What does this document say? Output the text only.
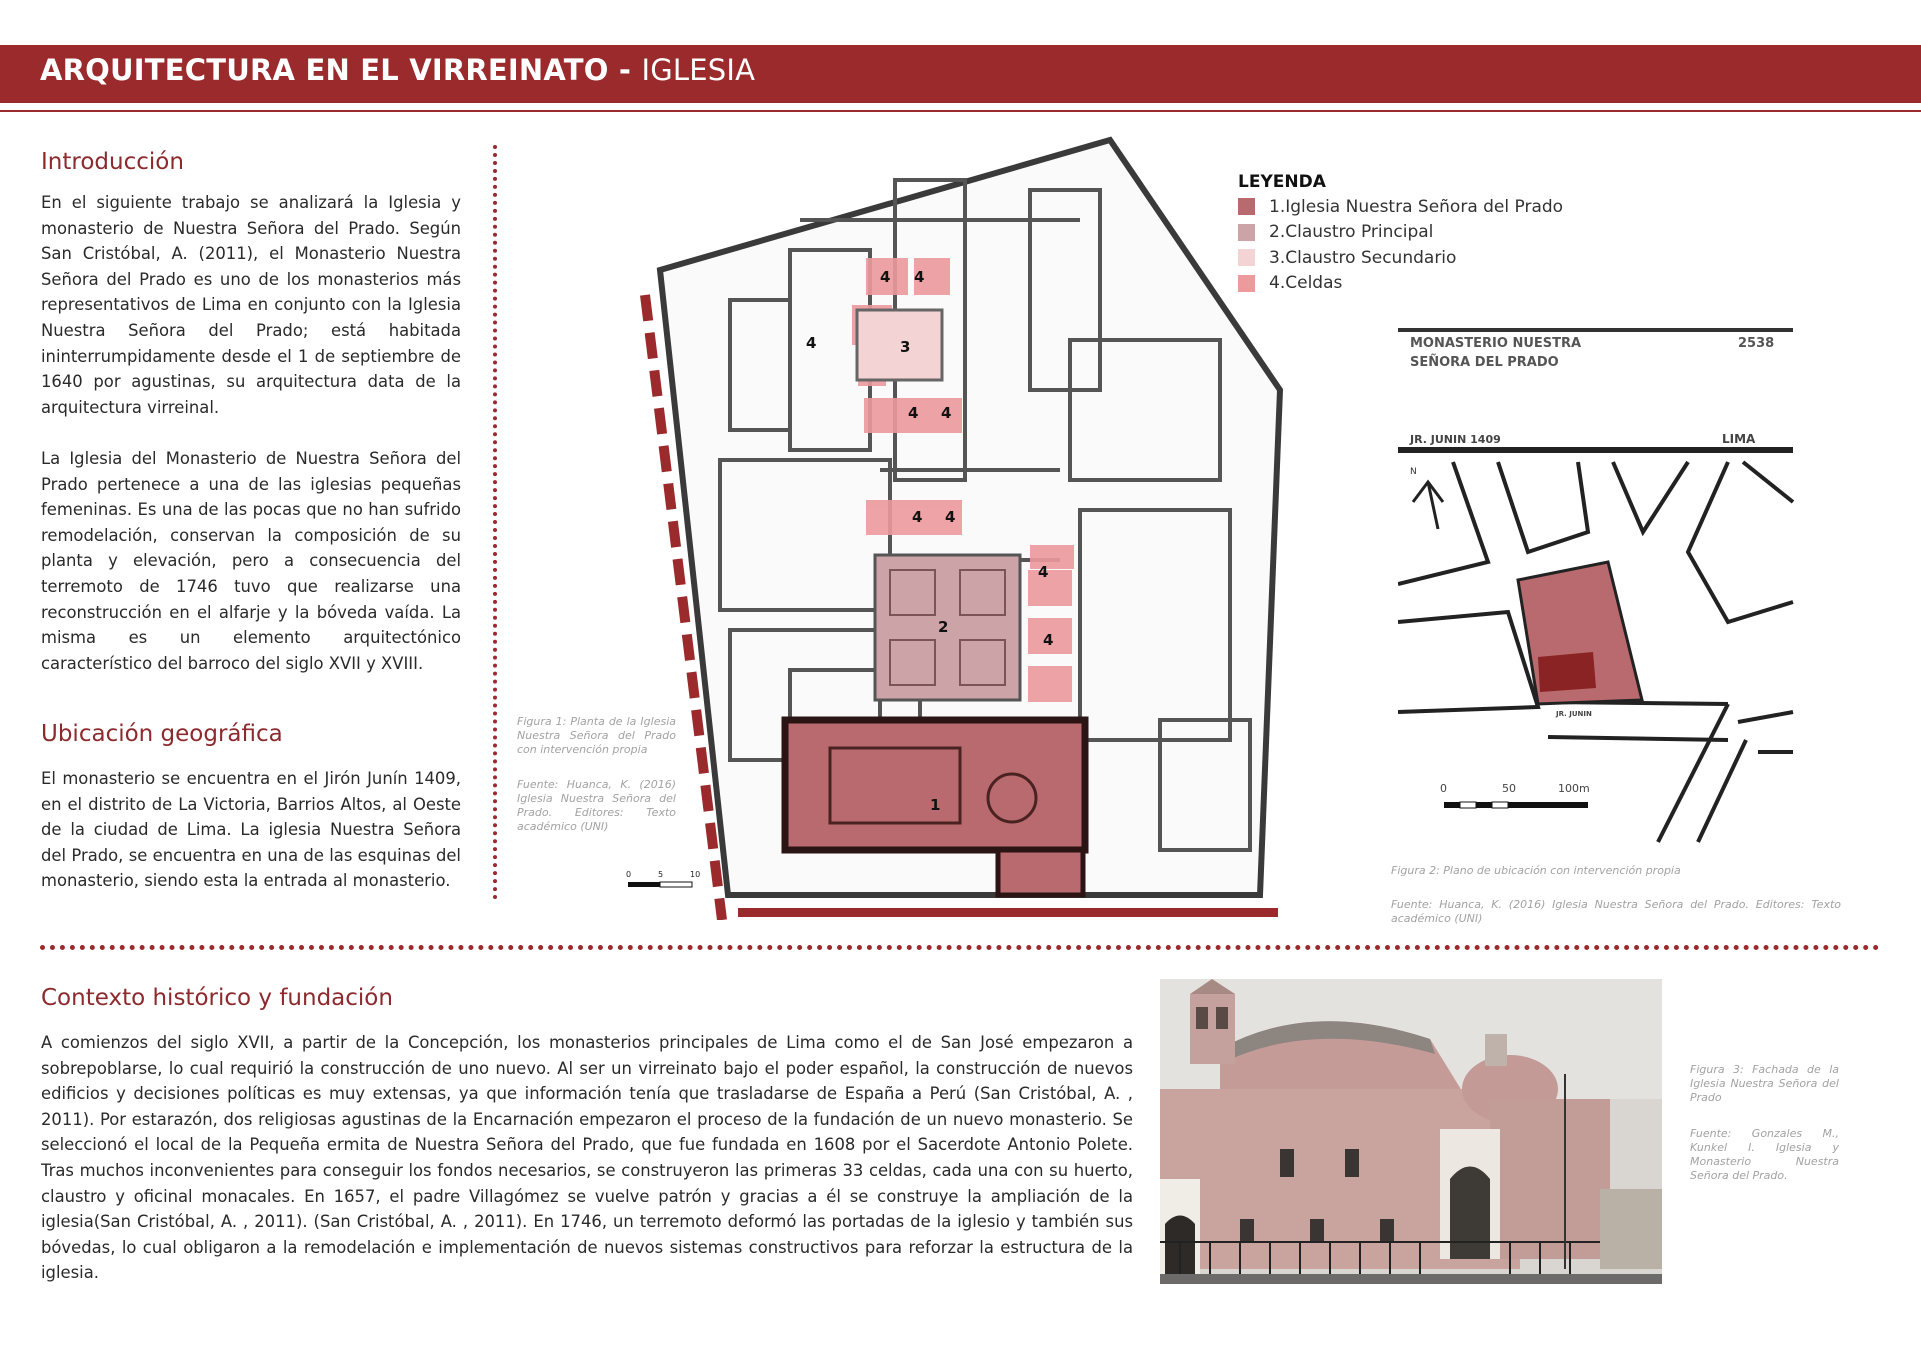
ARQUITECTURA EN EL VIRREINATO - IGLESIA
Introducción

En el siguiente trabajo se analizará la Iglesia y monasterio de Nuestra Señora del Prado. Según San Cristóbal, A. (2011), el Monasterio Nuestra Señora del Prado es uno de los monasterios más representativos de Lima en conjunto con la Iglesia Nuestra Señora del Prado; está habitada ininterrumpidamente desde el 1 de septiembre de 1640 por agustinas, su arquitectura data de la arquitectura virreinal.

La Iglesia del Monasterio de Nuestra Señora del Prado pertenece a una de las iglesias pequeñas femeninas. Es una de las pocas que no han sufrido remodelación, conservan la composición de su planta y elevación, pero a consecuencia del terremoto de 1746 tuvo que realizarse una reconstrucción en el alfarje y la bóveda vaída. La misma es un elemento arquitectónico característico del barroco del siglo XVII y XVIII.

Ubicación geográfica

El monasterio se encuentra en el Jirón Junín 1409, en el distrito de La Victoria, Barrios Altos, al Oeste de la ciudad de Lima. La iglesia Nuestra Señora del Prado, se encuentra en una de las esquinas del monasterio, siendo esta la entrada al monasterio.

Figura 1: Planta de la Iglesia Nuestra Señora del Prado con intervención propia
Fuente: Huanca, K. (2016) Iglesia Nuestra Señora del Prado. Editores: Texto académico (UNI)
1
2
3
4 4
4
4 4
4 4
4
4
0	5	10
LEYENDA
1. Iglesia Nuestra Señora del Prado
2. Claustro Principal
3. Claustro Secundario
4. Celdas
MONASTERIO NUESTRA
SEÑORA DEL PRADO
2538
JR. JUNIN 1409	LIMA
N
JR. JUNIN
0	50	100m
Figura 2: Plano de ubicación con intervención propia
Fuente: Huanca, K. (2016) Iglesia Nuestra Señora del Prado. Editores: Texto académico (UNI)
Contexto histórico y fundación

A comienzos del siglo XVII, a partir de la Concepción, los monasterios principales de Lima como el de San José empezaron a sobrepoblarse, lo cual requirió la construcción de uno nuevo. Al ser un virreinato bajo el poder español, la construcción de nuevos edificios y decisiones políticas es muy extensas, ya que información tenía que trasladarse de España a Perú (San Cristóbal, A. , 2011). Por estarazón, dos religiosas agustinas de la Encarnación empezaron el proceso de la fundación de un nuevo monasterio. Se seleccionó el local de la Pequeña ermita de Nuestra Señora del Prado, que fue fundada en 1608 por el Sacerdote Antonio Polete. Tras muchos inconvenientes para conseguir los fondos necesarios, se construyeron las primeras 33 celdas, cada una con su huerto, claustro y oficinal monacales. En 1657, el padre Villagómez se vuelve patrón y gracias a él se construye la ampliación de la iglesia(San Cristóbal, A. , 2011). (San Cristóbal, A. , 2011). En 1746, un terremoto deformó las portadas de la iglesio y también sus bóvedas, lo cual obligaron a la remodelación e implementación de nuevos sistemas constructivos para reforzar la estructura de la iglesia.

Figura 3: Fachada de la Iglesia Nuestra Señora del Prado
Fuente: Gonzales M., Kunkel I. Iglesia y Monasterio Nuestra Señora del Prado.
